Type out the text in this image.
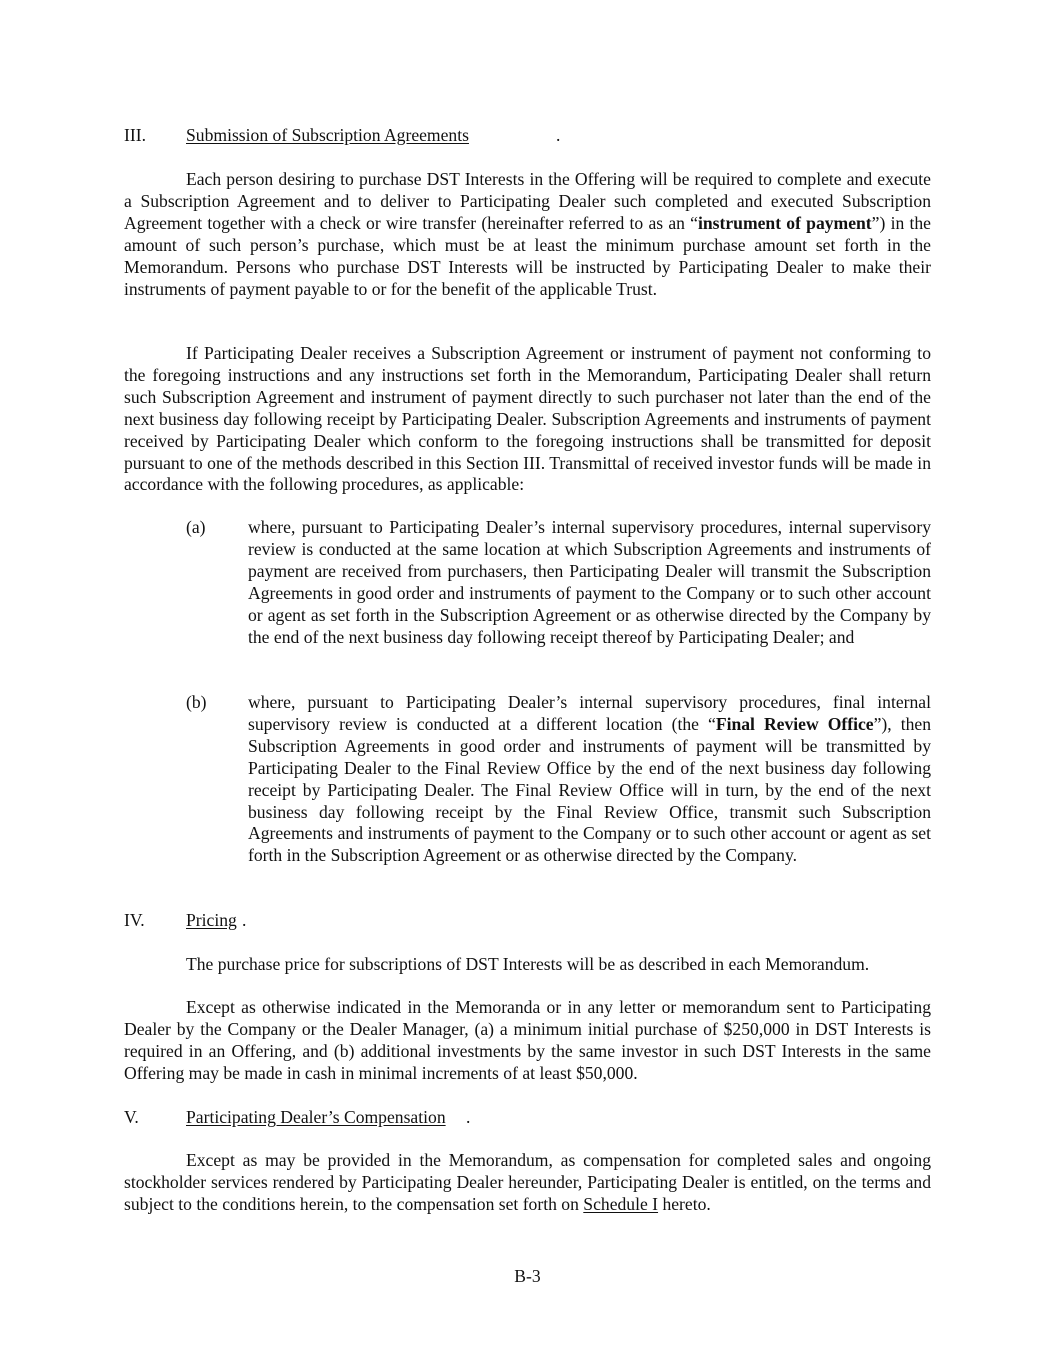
III. Submission of Subscription Agreements	.

Each person desiring to purchase DST Interests in the Offering will be required to complete and execute a Subscription Agreement and to deliver to Participating Dealer such completed and executed Subscription Agreement together with a check or wire transfer (hereinafter referred to as an “instrument of payment”) in the amount of such person’s purchase, which must be at least the minimum purchase amount set forth in the Memorandum. Persons who purchase DST Interests will be instructed by Participating Dealer to make their instruments of payment payable to or for the benefit of the applicable Trust.

If Participating Dealer receives a Subscription Agreement or instrument of payment not conforming to the foregoing instructions and any instructions set forth in the Memorandum, Participating Dealer shall return such Subscription Agreement and instrument of payment directly to such purchaser not later than the end of the next business day following receipt by Participating Dealer. Subscription Agreements and instruments of payment received by Participating Dealer which conform to the foregoing instructions shall be transmitted for deposit pursuant to one of the methods described in this Section III. Transmittal of received investor funds will be made in accordance with the following procedures, as applicable:

(a) where, pursuant to Participating Dealer’s internal supervisory procedures, internal supervisory review is conducted at the same location at which Subscription Agreements and instruments of payment are received from purchasers, then Participating Dealer will transmit the Subscription Agreements in good order and instruments of payment to the Company or to such other account or agent as set forth in the Subscription Agreement or as otherwise directed by the Company by the end of the next business day following receipt thereof by Participating Dealer; and

(b) where, pursuant to Participating Dealer’s internal supervisory procedures, final internal supervisory review is conducted at a different location (the “Final Review Office”), then Subscription Agreements in good order and instruments of payment will be transmitted by Participating Dealer to the Final Review Office by the end of the next business day following receipt by Participating Dealer. The Final Review Office will in turn, by the end of the next business day following receipt by the Final Review Office, transmit such Subscription Agreements and instruments of payment to the Company or to such other account or agent as set forth in the Subscription Agreement or as otherwise directed by the Company.

IV. Pricing .

The purchase price for subscriptions of DST Interests will be as described in each Memorandum.

Except as otherwise indicated in the Memoranda or in any letter or memorandum sent to Participating Dealer by the Company or the Dealer Manager, (a) a minimum initial purchase of $250,000 in DST Interests is required in an Offering, and (b) additional investments by the same investor in such DST Interests in the same Offering may be made in cash in minimal increments of at least $50,000.

V.	Participating Dealer’s Compensation .

Except as may be provided in the Memorandum, as compensation for completed sales and ongoing stockholder services rendered by Participating Dealer hereunder, Participating Dealer is entitled, on the terms and subject to the conditions herein, to the compensation set forth on Schedule I hereto.

B-3
